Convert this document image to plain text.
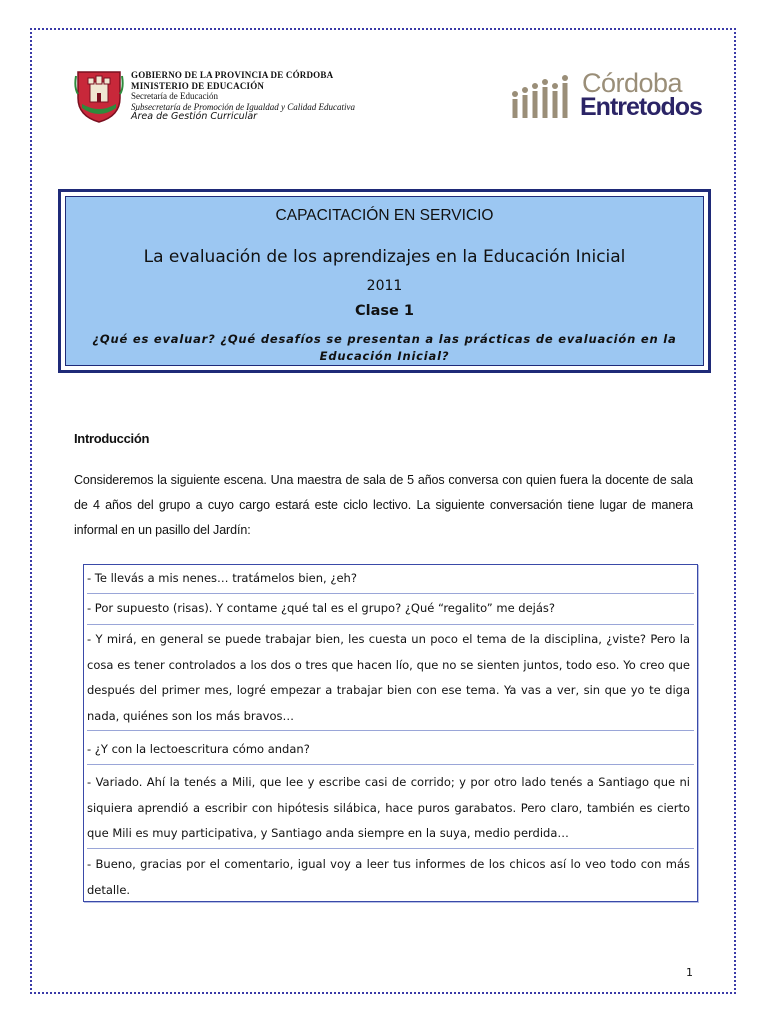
GOBIERNO DE LA PROVINCIA DE CÓRDOBA
MINISTERIO DE EDUCACIÓN
Secretaría de Educación
Subsecretaría de Promoción de Igualdad y Calidad Educativa
Área de Gestión Curricular
Córdoba
Entretodos
CAPACITACIÓN EN SERVICIO
La evaluación de los aprendizajes en la Educación Inicial
2011
Clase 1
¿Qué es evaluar? ¿Qué desafíos se presentan a las prácticas de evaluación en la Educación Inicial?
Introducción
Consideremos la siguiente escena. Una maestra de sala de 5 años conversa con quien fuera la docente de sala de 4 años del grupo a cuyo cargo estará este ciclo lectivo. La siguiente conversación tiene lugar de manera informal en un pasillo del Jardín:
- Te llevás a mis nenes… tratámelos bien, ¿eh?
- Por supuesto (risas). Y contame ¿qué tal es el grupo? ¿Qué “regalito” me dejás?
- Y mirá, en general se puede trabajar bien, les cuesta un poco el tema de la disciplina, ¿viste? Pero la cosa es tener controlados a los dos o tres que hacen lío, que no se sienten juntos, todo eso. Yo creo que después del primer mes, logré empezar a trabajar bien con ese tema. Ya vas a ver, sin que yo te diga nada, quiénes son los más bravos…
- ¿Y con la lectoescritura cómo andan?
- Variado. Ahí la tenés a Mili, que lee y escribe casi de corrido; y por otro lado tenés a Santiago que ni siquiera aprendió a escribir con hipótesis silábica, hace puros garabatos. Pero claro, también es cierto que Mili es muy participativa, y Santiago anda siempre en la suya, medio perdida…
- Bueno, gracias por el comentario, igual voy a leer tus informes de los chicos así lo veo todo con más detalle.
1
